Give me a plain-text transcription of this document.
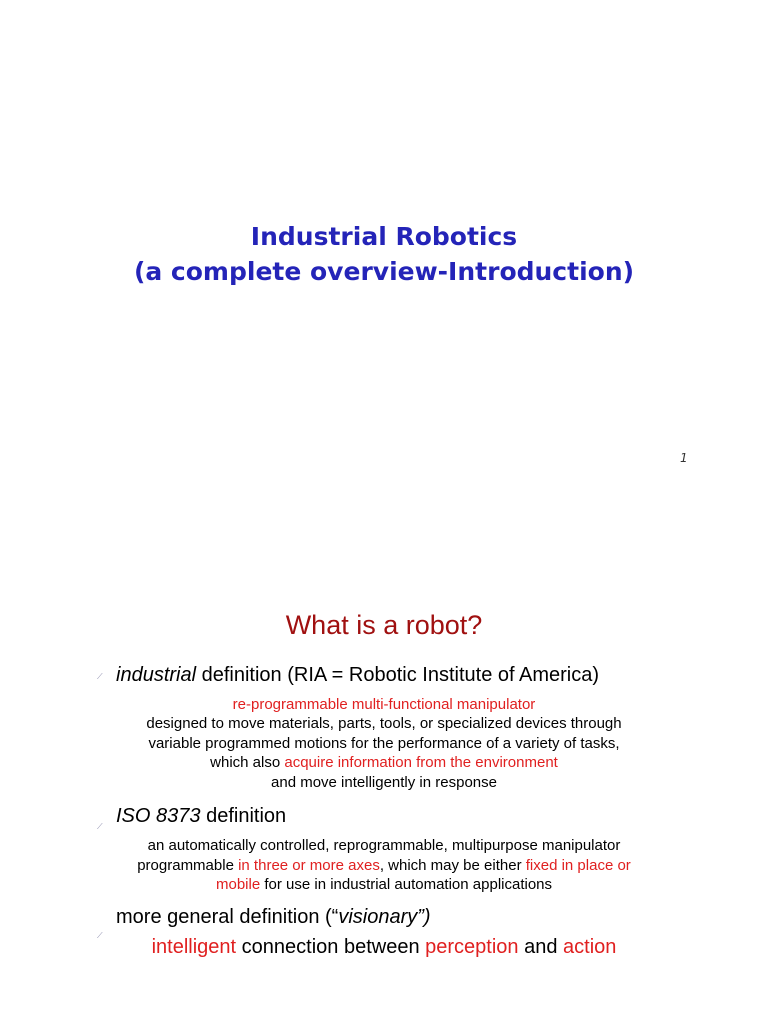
Industrial Robotics
(a complete overview-Introduction)
1
What is a robot?
⟋ industrial definition (RIA = Robotic Institute of America)
re-programmable multi-functional manipulator
designed to move materials, parts, tools, or specialized devices through
variable programmed motions for the performance of a variety of tasks,
which also acquire information from the environment
and move intelligently in response
⟋ ISO 8373 definition
an automatically controlled, reprogrammable, multipurpose manipulator
programmable in three or more axes, which may be either fixed in place or
mobile for use in industrial automation applications
more general definition (“visionary”)
⟋
intelligent connection between perception and action
